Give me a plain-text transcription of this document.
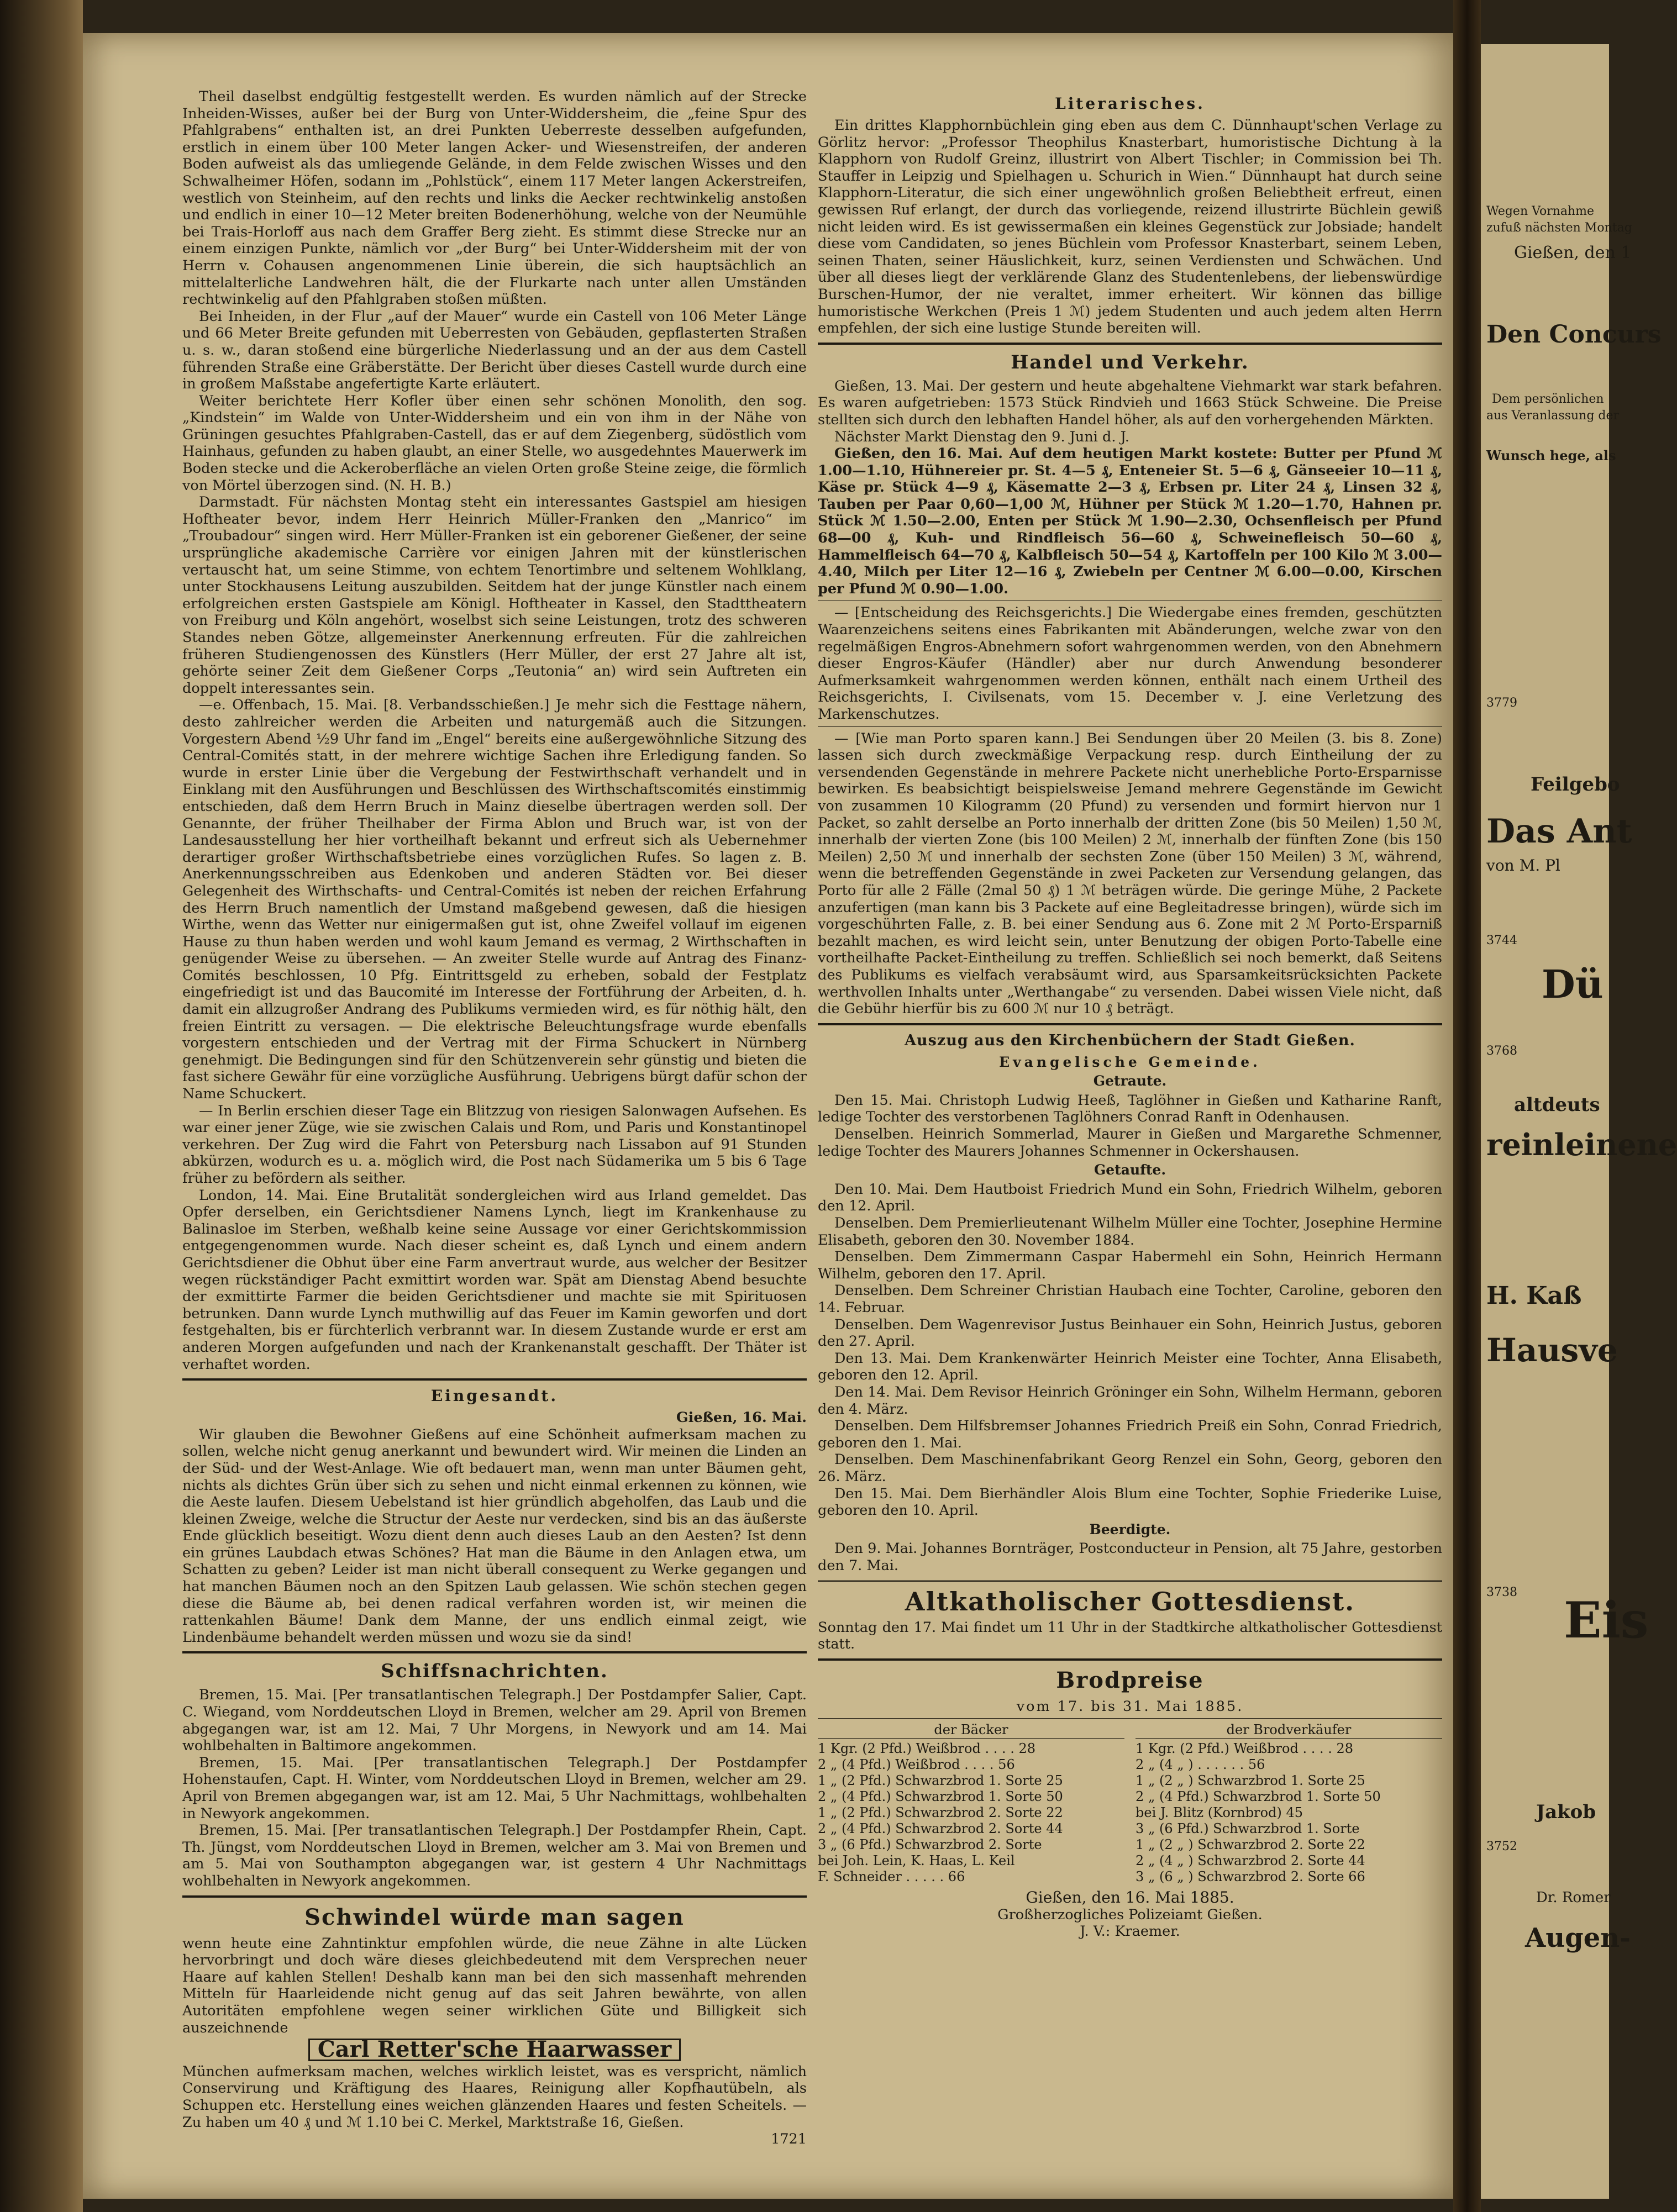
Theil daselbst endgültig festgestellt werden. Es wurden nämlich auf der Strecke Inheiden-Wisses, außer bei der Burg von Unter-Widdersheim, die „feine Spur des Pfahlgrabens“ enthalten ist, an drei Punkten Ueberreste desselben aufgefunden, erstlich in einem über 100 Meter langen Acker- und Wiesenstreifen, der anderen Boden aufweist als das umliegende Gelände, in dem Felde zwischen Wisses und den Schwalheimer Höfen, sodann im „Pohlstück“, einem 117 Meter langen Ackerstreifen, westlich von Steinheim, auf den rechts und links die Aecker rechtwinkelig anstoßen und endlich in einer 10—12 Meter breiten Bodenerhöhung, welche von der Neumühle bei Trais-Horloff aus nach dem Graffer Berg zieht. Es stimmt diese Strecke nur an einem einzigen Punkte, nämlich vor „der Burg“ bei Unter-Widdersheim mit der von Herrn v. Cohausen angenommenen Linie überein, die sich hauptsächlich an mittelalterliche Landwehren hält, die der Flurkarte nach unter allen Umständen rechtwinkelig auf den Pfahlgraben stoßen müßten.

Bei Inheiden, in der Flur „auf der Mauer“ wurde ein Castell von 106 Meter Länge und 66 Meter Breite gefunden mit Ueberresten von Gebäuden, gepflasterten Straßen u. s. w., daran stoßend eine bürgerliche Niederlassung und an der aus dem Castell führenden Straße eine Gräberstätte. Der Bericht über dieses Castell wurde durch eine in großem Maßstabe angefertigte Karte erläutert.

Weiter berichtete Herr Kofler über einen sehr schönen Monolith, den sog. „Kindstein“ im Walde von Unter-Widdersheim und ein von ihm in der Nähe von Grüningen gesuchtes Pfahlgraben-Castell, das er auf dem Ziegenberg, südöstlich vom Hainhaus, gefunden zu haben glaubt, an einer Stelle, wo ausgedehntes Mauerwerk im Boden stecke und die Ackeroberfläche an vielen Orten große Steine zeige, die förmlich von Mörtel überzogen sind. (N. H. B.)

Darmstadt. Für nächsten Montag steht ein interessantes Gastspiel am hiesigen Hoftheater bevor, indem Herr Heinrich Müller-Franken den „Manrico“ im „Troubadour“ singen wird. Herr Müller-Franken ist ein geborener Gießener, der seine ursprüngliche akademische Carrière vor einigen Jahren mit der künstlerischen vertauscht hat, um seine Stimme, von echtem Tenortimbre und seltenem Wohlklang, unter Stockhausens Leitung auszubilden. Seitdem hat der junge Künstler nach einem erfolgreichen ersten Gastspiele am Königl. Hoftheater in Kassel, den Stadttheatern von Freiburg und Köln angehört, woselbst sich seine Leistungen, trotz des schweren Standes neben Götze, allgemeinster Anerkennung erfreuten. Für die zahlreichen früheren Studiengenossen des Künstlers (Herr Müller, der erst 27 Jahre alt ist, gehörte seiner Zeit dem Gießener Corps „Teutonia“ an) wird sein Auftreten ein doppelt interessantes sein.

—e. Offenbach, 15. Mai. [8. Verbandsschießen.] Je mehr sich die Festtage nähern, desto zahlreicher werden die Arbeiten und naturgemäß auch die Sitzungen. Vorgestern Abend ½9 Uhr fand im „Engel“ bereits eine außergewöhnliche Sitzung des Central-Comités statt, in der mehrere wichtige Sachen ihre Erledigung fanden. So wurde in erster Linie über die Vergebung der Festwirthschaft verhandelt und in Einklang mit den Ausführungen und Beschlüssen des Wirthschaftscomités einstimmig entschieden, daß dem Herrn Bruch in Mainz dieselbe übertragen werden soll. Der Genannte, der früher Theilhaber der Firma Ablon und Bruch war, ist von der Landesausstellung her hier vortheilhaft bekannt und erfreut sich als Uebernehmer derartiger großer Wirthschaftsbetriebe eines vorzüglichen Rufes. So lagen z. B. Anerkennungsschreiben aus Edenkoben und anderen Städten vor. Bei dieser Gelegenheit des Wirthschafts- und Central-Comités ist neben der reichen Erfahrung des Herrn Bruch namentlich der Umstand maßgebend gewesen, daß die hiesigen Wirthe, wenn das Wetter nur einigermaßen gut ist, ohne Zweifel vollauf im eigenen Hause zu thun haben werden und wohl kaum Jemand es vermag, 2 Wirthschaften in genügender Weise zu übersehen. — An zweiter Stelle wurde auf Antrag des Finanz-Comités beschlossen, 10 Pfg. Eintrittsgeld zu erheben, sobald der Festplatz eingefriedigt ist und das Baucomité im Interesse der Fortführung der Arbeiten, d. h. damit ein allzugroßer Andrang des Publikums vermieden wird, es für nöthig hält, den freien Eintritt zu versagen. — Die elektrische Beleuchtungsfrage wurde ebenfalls vorgestern entschieden und der Vertrag mit der Firma Schuckert in Nürnberg genehmigt. Die Bedingungen sind für den Schützenverein sehr günstig und bieten die fast sichere Gewähr für eine vorzügliche Ausführung. Uebrigens bürgt dafür schon der Name Schuckert.

— In Berlin erschien dieser Tage ein Blitzzug von riesigen Salonwagen Aufsehen. Es war einer jener Züge, wie sie zwischen Calais und Rom, und Paris und Konstantinopel verkehren. Der Zug wird die Fahrt von Petersburg nach Lissabon auf 91 Stunden abkürzen, wodurch es u. a. möglich wird, die Post nach Südamerika um 5 bis 6 Tage früher zu befördern als seither.

London, 14. Mai. Eine Brutalität sondergleichen wird aus Irland gemeldet. Das Opfer derselben, ein Gerichtsdiener Namens Lynch, liegt im Krankenhause zu Balinasloe im Sterben, weßhalb keine seine Aussage vor einer Gerichtskommission entgegengenommen wurde. Nach dieser scheint es, daß Lynch und einem andern Gerichtsdiener die Obhut über eine Farm anvertraut wurde, aus welcher der Besitzer wegen rückständiger Pacht exmittirt worden war. Spät am Dienstag Abend besuchte der exmittirte Farmer die beiden Gerichtsdiener und machte sie mit Spirituosen betrunken. Dann wurde Lynch muthwillig auf das Feuer im Kamin geworfen und dort festgehalten, bis er fürchterlich verbrannt war. In diesem Zustande wurde er erst am anderen Morgen aufgefunden und nach der Krankenanstalt geschafft. Der Thäter ist verhaftet worden.

Eingesandt.
Gießen, 16. Mai.

Wir glauben die Bewohner Gießens auf eine Schönheit aufmerksam machen zu sollen, welche nicht genug anerkannt und bewundert wird. Wir meinen die Linden an der Süd- und der West-Anlage. Wie oft bedauert man, wenn man unter Bäumen geht, nichts als dichtes Grün über sich zu sehen und nicht einmal erkennen zu können, wie die Aeste laufen. Diesem Uebelstand ist hier gründlich abgeholfen, das Laub und die kleinen Zweige, welche die Structur der Aeste nur verdecken, sind bis an das äußerste Ende glücklich beseitigt. Wozu dient denn auch dieses Laub an den Aesten? Ist denn ein grünes Laubdach etwas Schönes? Hat man die Bäume in den Anlagen etwa, um Schatten zu geben? Leider ist man nicht überall consequent zu Werke gegangen und hat manchen Bäumen noch an den Spitzen Laub gelassen. Wie schön stechen gegen diese die Bäume ab, bei denen radical verfahren worden ist, wir meinen die rattenkahlen Bäume! Dank dem Manne, der uns endlich einmal zeigt, wie Lindenbäume behandelt werden müssen und wozu sie da sind!

Schiffsnachrichten.

Bremen, 15. Mai. [Per transatlantischen Telegraph.] Der Postdampfer Salier, Capt. C. Wiegand, vom Norddeutschen Lloyd in Bremen, welcher am 29. April von Bremen abgegangen war, ist am 12. Mai, 7 Uhr Morgens, in Newyork und am 14. Mai wohlbehalten in Baltimore angekommen.

Bremen, 15. Mai. [Per transatlantischen Telegraph.] Der Postdampfer Hohenstaufen, Capt. H. Winter, vom Norddeutschen Lloyd in Bremen, welcher am 29. April von Bremen abgegangen war, ist am 12. Mai, 5 Uhr Nachmittags, wohlbehalten in Newyork angekommen.

Bremen, 15. Mai. [Per transatlantischen Telegraph.] Der Postdampfer Rhein, Capt. Th. Jüngst, vom Norddeutschen Lloyd in Bremen, welcher am 3. Mai von Bremen und am 5. Mai von Southampton abgegangen war, ist gestern 4 Uhr Nachmittags wohlbehalten in Newyork angekommen.

Schwindel würde man sagen

wenn heute eine Zahntinktur empfohlen würde, die neue Zähne in alte Lücken hervorbringt und doch wäre dieses gleichbedeutend mit dem Versprechen neuer Haare auf kahlen Stellen! Deshalb kann man bei den sich massenhaft mehrenden Mitteln für Haarleidende nicht genug auf das seit Jahren bewährte, von allen Autoritäten empfohlene wegen seiner wirklichen Güte und Billigkeit sich auszeichnende

Carl Retter'sche Haarwasser

München aufmerksam machen, welches wirklich leistet, was es verspricht, nämlich Conservirung und Kräftigung des Haares, Reinigung aller Kopfhautübeln, als Schuppen etc. Herstellung eines weichen glänzenden Haares und festen Scheitels. — Zu haben um 40 ₰ und ℳ 1.10 bei C. Merkel, Marktstraße 16, Gießen.

1721
Literarisches.

Ein drittes Klapphornbüchlein ging eben aus dem C. Dünnhaupt'schen Verlage zu Görlitz hervor: „Professor Theophilus Knasterbart, humoristische Dichtung à la Klapphorn von Rudolf Greinz, illustrirt von Albert Tischler; in Commission bei Th. Stauffer in Leipzig und Spielhagen u. Schurich in Wien.“ Dünnhaupt hat durch seine Klapphorn-Literatur, die sich einer ungewöhnlich großen Beliebtheit erfreut, einen gewissen Ruf erlangt, der durch das vorliegende, reizend illustrirte Büchlein gewiß nicht leiden wird. Es ist gewissermaßen ein kleines Gegenstück zur Jobsiade; handelt diese vom Candidaten, so jenes Büchlein vom Professor Knasterbart, seinem Leben, seinen Thaten, seiner Häuslichkeit, kurz, seinen Verdiensten und Schwächen. Und über all dieses liegt der verklärende Glanz des Studentenlebens, der liebenswürdige Burschen-Humor, der nie veraltet, immer erheitert. Wir können das billige humoristische Werkchen (Preis 1 ℳ) jedem Studenten und auch jedem alten Herrn empfehlen, der sich eine lustige Stunde bereiten will.

Handel und Verkehr.

Gießen, 13. Mai. Der gestern und heute abgehaltene Viehmarkt war stark befahren. Es waren aufgetrieben: 1573 Stück Rindvieh und 1663 Stück Schweine. Die Preise stellten sich durch den lebhaften Handel höher, als auf den vorhergehenden Märkten.

Nächster Markt Dienstag den 9. Juni d. J.

Gießen, den 16. Mai. Auf dem heutigen Markt kostete: Butter per Pfund ℳ 1.00—1.10, Hühnereier pr. St. 4—5 ₰, Enteneier St. 5—6 ₰, Gänseeier 10—11 ₰, Käse pr. Stück 4—9 ₰, Käsematte 2—3 ₰, Erbsen pr. Liter 24 ₰, Linsen 32 ₰, Tauben per Paar 0,60—1,00 ℳ, Hühner per Stück ℳ 1.20—1.70, Hahnen pr. Stück ℳ 1.50—2.00, Enten per Stück ℳ 1.90—2.30, Ochsenfleisch per Pfund 68—00 ₰, Kuh- und Rindfleisch 56—60 ₰, Schweinefleisch 50—60 ₰, Hammelfleisch 64—70 ₰, Kalbfleisch 50—54 ₰, Kartoffeln per 100 Kilo ℳ 3.00—4.40, Milch per Liter 12—16 ₰, Zwiebeln per Centner ℳ 6.00—0.00, Kirschen per Pfund ℳ 0.90—1.00.

— [Entscheidung des Reichsgerichts.] Die Wiedergabe eines fremden, geschützten Waarenzeichens seitens eines Fabrikanten mit Abänderungen, welche zwar von den regelmäßigen Engros-Abnehmern sofort wahrgenommen werden, von den Abnehmern dieser Engros-Käufer (Händler) aber nur durch Anwendung besonderer Aufmerksamkeit wahrgenommen werden können, enthält nach einem Urtheil des Reichsgerichts, I. Civilsenats, vom 15. December v. J. eine Verletzung des Markenschutzes.

— [Wie man Porto sparen kann.] Bei Sendungen über 20 Meilen (3. bis 8. Zone) lassen sich durch zweckmäßige Verpackung resp. durch Eintheilung der zu versendenden Gegenstände in mehrere Packete nicht unerhebliche Porto-Ersparnisse bewirken. Es beabsichtigt beispielsweise Jemand mehrere Gegenstände im Gewicht von zusammen 10 Kilogramm (20 Pfund) zu versenden und formirt hiervon nur 1 Packet, so zahlt derselbe an Porto innerhalb der dritten Zone (bis 50 Meilen) 1,50 ℳ, innerhalb der vierten Zone (bis 100 Meilen) 2 ℳ, innerhalb der fünften Zone (bis 150 Meilen) 2,50 ℳ und innerhalb der sechsten Zone (über 150 Meilen) 3 ℳ, während, wenn die betreffenden Gegenstände in zwei Packeten zur Versendung gelangen, das Porto für alle 2 Fälle (2mal 50 ₰) 1 ℳ beträgen würde. Die geringe Mühe, 2 Packete anzufertigen (man kann bis 3 Packete auf eine Begleitadresse bringen), würde sich im vorgeschührten Falle, z. B. bei einer Sendung aus 6. Zone mit 2 ℳ Porto-Ersparniß bezahlt machen, es wird leicht sein, unter Benutzung der obigen Porto-Tabelle eine vortheilhafte Packet-Eintheilung zu treffen. Schließlich sei noch bemerkt, daß Seitens des Publikums es vielfach verabsäumt wird, aus Sparsamkeitsrücksichten Packete werthvollen Inhalts unter „Werthangabe“ zu versenden. Dabei wissen Viele nicht, daß die Gebühr hierfür bis zu 600 ℳ nur 10 ₰ beträgt.

Auszug aus den Kirchenbüchern der Stadt Gießen.
Evangelische Gemeinde.
Getraute.

Den 15. Mai. Christoph Ludwig Heeß, Taglöhner in Gießen und Katharine Ranft, ledige Tochter des verstorbenen Taglöhners Conrad Ranft in Odenhausen.

Denselben. Heinrich Sommerlad, Maurer in Gießen und Margarethe Schmenner, ledige Tochter des Maurers Johannes Schmenner in Ockershausen.

Getaufte.

Den 10. Mai. Dem Hautboist Friedrich Mund ein Sohn, Friedrich Wilhelm, geboren den 12. April.

Denselben. Dem Premierlieutenant Wilhelm Müller eine Tochter, Josephine Hermine Elisabeth, geboren den 30. November 1884.

Denselben. Dem Zimmermann Caspar Habermehl ein Sohn, Heinrich Hermann Wilhelm, geboren den 17. April.

Denselben. Dem Schreiner Christian Haubach eine Tochter, Caroline, geboren den 14. Februar.

Denselben. Dem Wagenrevisor Justus Beinhauer ein Sohn, Heinrich Justus, geboren den 27. April.

Den 13. Mai. Dem Krankenwärter Heinrich Meister eine Tochter, Anna Elisabeth, geboren den 12. April.

Den 14. Mai. Dem Revisor Heinrich Gröninger ein Sohn, Wilhelm Hermann, geboren den 4. März.

Denselben. Dem Hilfsbremser Johannes Friedrich Preiß ein Sohn, Conrad Friedrich, geboren den 1. Mai.

Denselben. Dem Maschinenfabrikant Georg Renzel ein Sohn, Georg, geboren den 26. März.

Den 15. Mai. Dem Bierhändler Alois Blum eine Tochter, Sophie Friederike Luise, geboren den 10. April.

Beerdigte.

Den 9. Mai. Johannes Bornträger, Postconducteur in Pension, alt 75 Jahre, gestorben den 7. Mai.

Altkatholischer Gottesdienst.

Sonntag den 17. Mai findet um 11 Uhr in der Stadtkirche altkatholischer Gottesdienst statt.

Brodpreise
vom 17. bis 31. Mai 1885.
der Bäcker
1 Kgr. (2 Pfd.) Weißbrod . . . . 28
2 „ (4 Pfd.) Weißbrod . . . . 56
1 „ (2 Pfd.) Schwarzbrod 1. Sorte 25
2 „ (4 Pfd.) Schwarzbrod 1. Sorte 50
1 „ (2 Pfd.) Schwarzbrod 2. Sorte 22
2 „ (4 Pfd.) Schwarzbrod 2. Sorte 44
3 „ (6 Pfd.) Schwarzbrod 2. Sorte
bei Joh. Lein, K. Haas, L. Keil
F. Schneider . . . . . 66
der Brodverkäufer
1 Kgr. (2 Pfd.) Weißbrod . . . . 28
2 „ (4 „ ) . . . . . . 56
1 „ (2 „ ) Schwarzbrod 1. Sorte 25
2 „ (4 Pfd.) Schwarzbrod 1. Sorte 50
bei J. Blitz (Kornbrod) 45
3 „ (6 Pfd.) Schwarzbrod 1. Sorte
1 „ (2 „ ) Schwarzbrod 2. Sorte 22
2 „ (4 „ ) Schwarzbrod 2. Sorte 44
3 „ (6 „ ) Schwarzbrod 2. Sorte 66
Gießen, den 16. Mai 1885.
Großherzogliches Polizeiamt Gießen.
J. V.: Kraemer.
Wegen Vornahme
zufuß nächsten Montag
Gießen, den 1
Den Concurs
Dem persönlichen
aus Veranlassung der
Wunsch hege, als
3779
Feilgebo
Das Ant
von M. Pl
3744
Dü
3768
altdeuts
reinleinene
H. Kaß
Hausve
3738 Eis
Jakob
3752
Augen-
Dr. Romer
